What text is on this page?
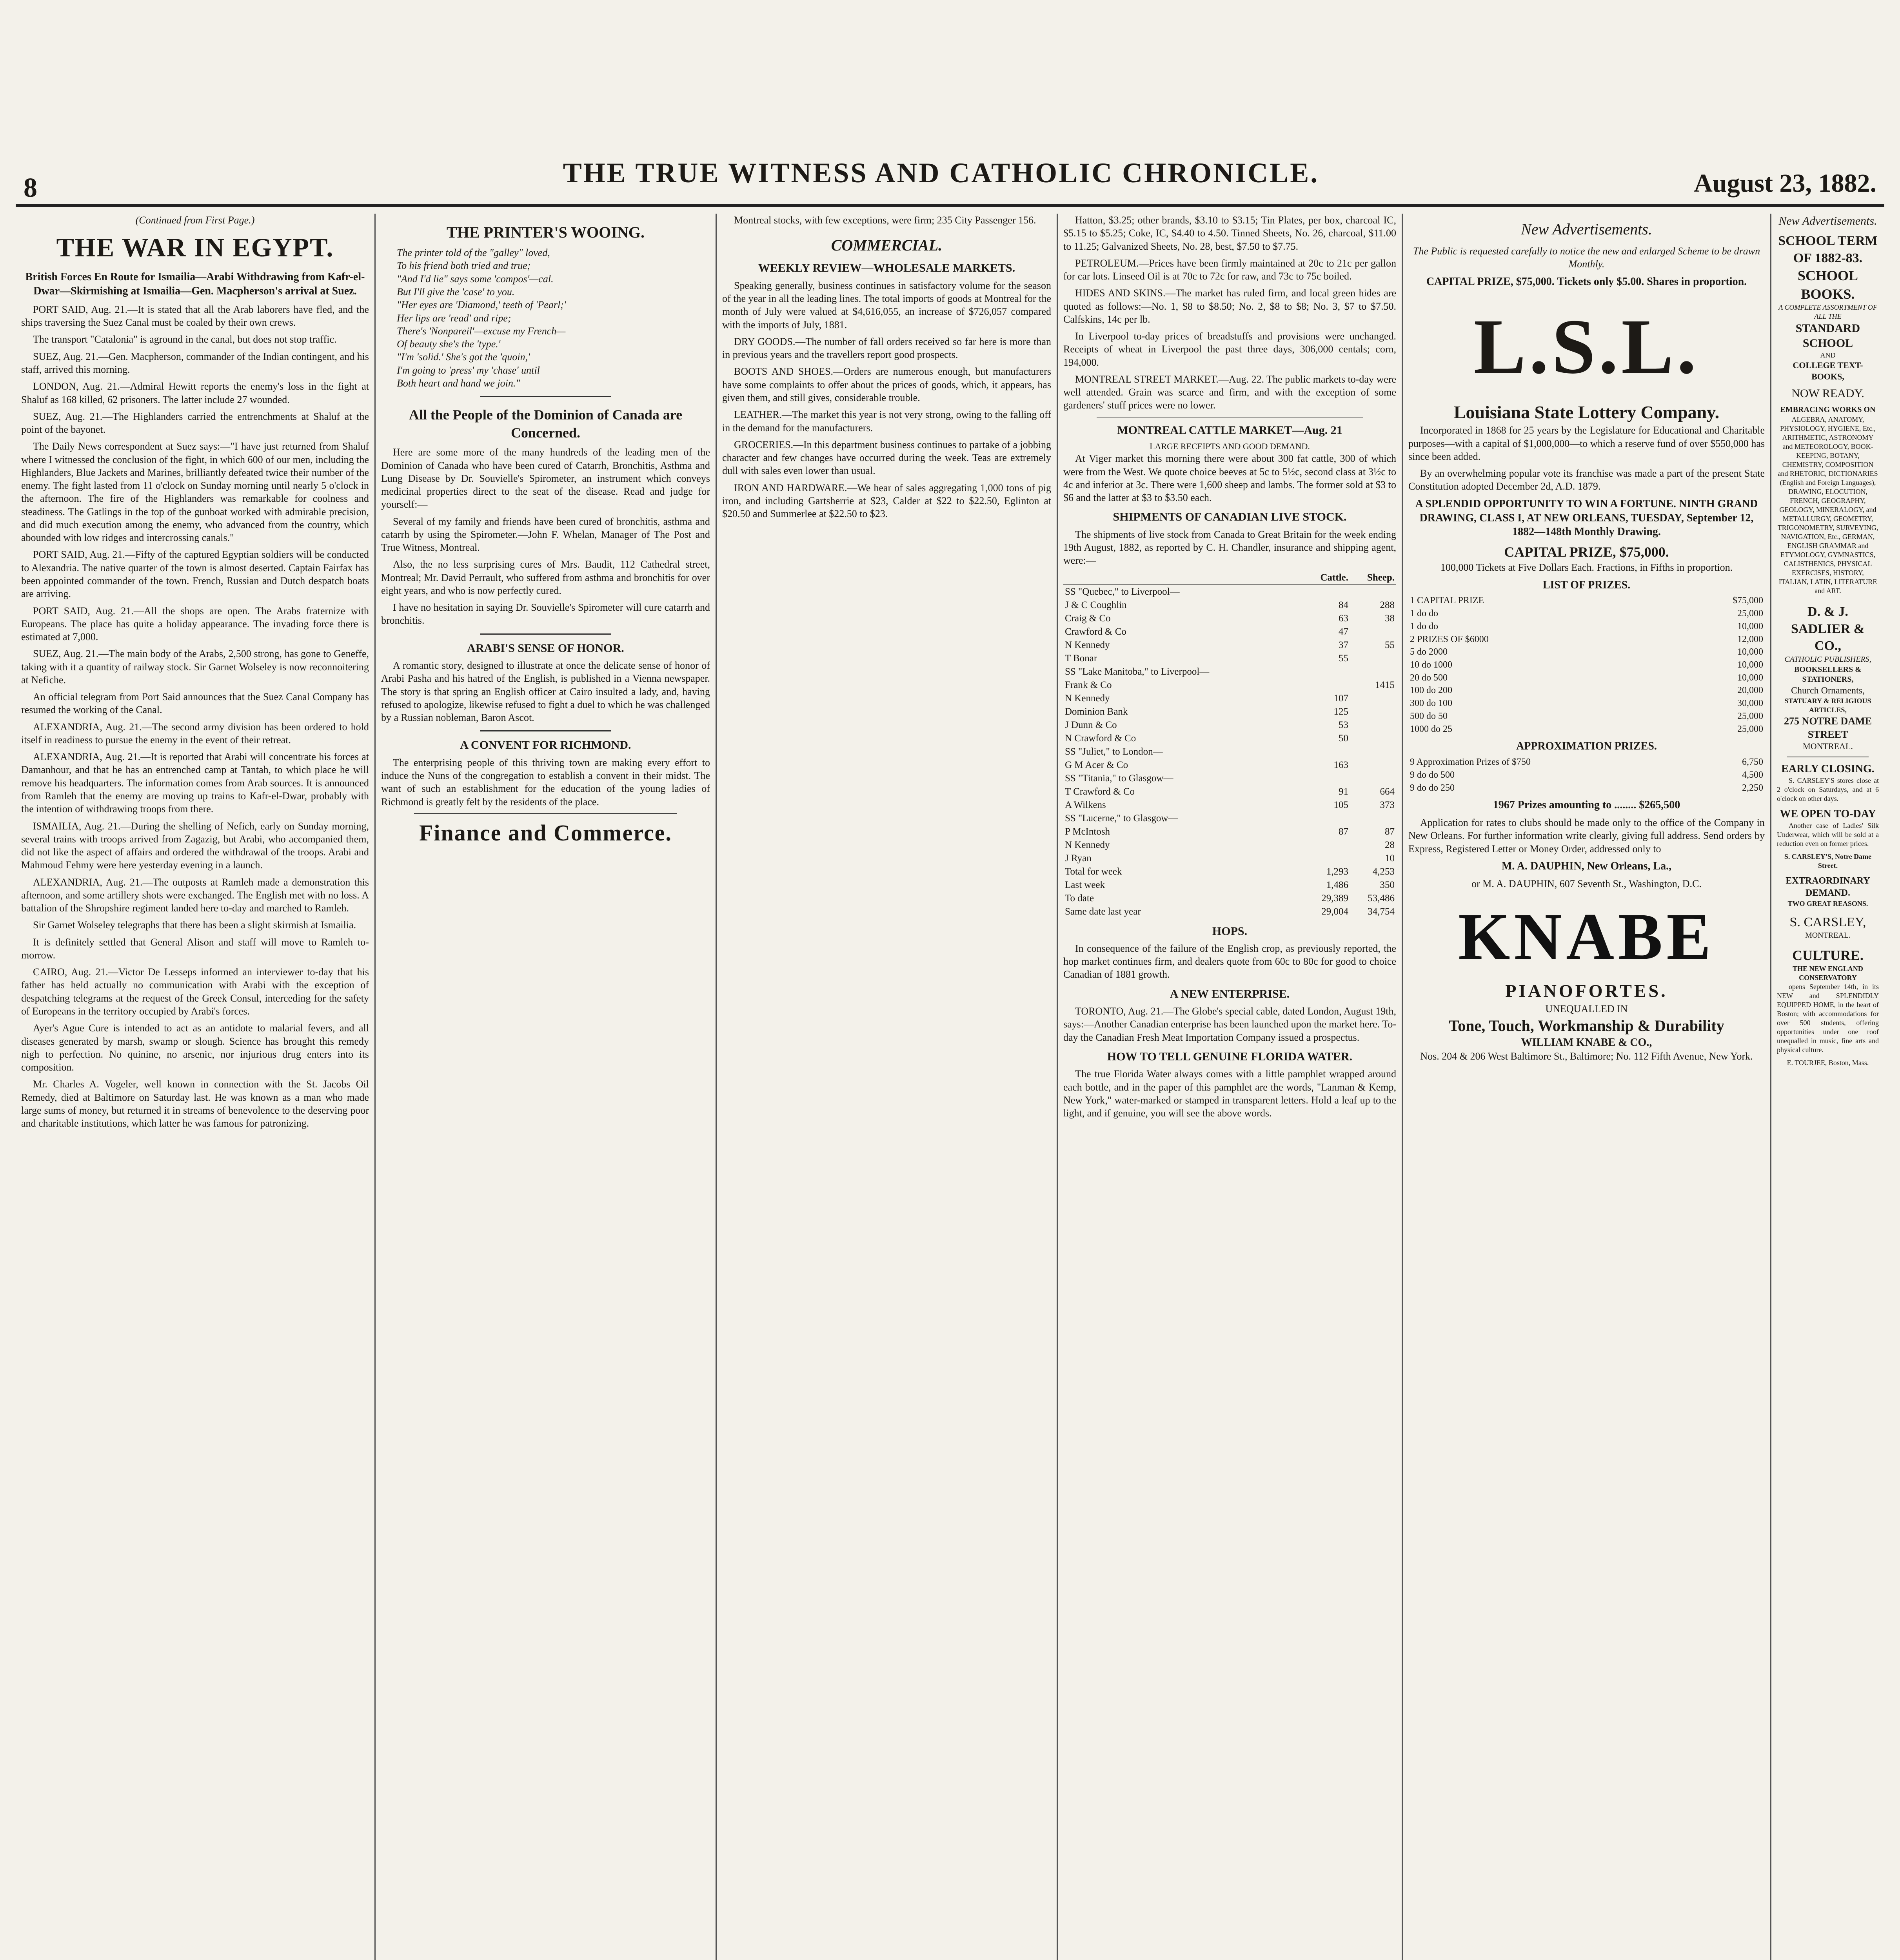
8	THE TRUE WITNESS AND CATHOLIC CHRONICLE.	August 23, 1882.
(Continued from First Page.)
THE WAR IN EGYPT.
British Forces En Route for Ismailia—Arabi Withdrawing from Kafr-el-Dwar—Skirmishing at Ismailia—Gen. Macpherson's arrival at Suez.

PORT SAID, Aug. 21.—It is stated that all the Arab laborers have fled, and the ships traversing the Suez Canal must be coaled by their own crews.

The transport "Catalonia" is aground in the canal, but does not stop traffic.

SUEZ, Aug. 21.—Gen. Macpherson, commander of the Indian contingent, and his staff, arrived this morning.

LONDON, Aug. 21.—Admiral Hewitt reports the enemy's loss in the fight at Shaluf as 168 killed, 62 prisoners. The latter include 27 wounded.

SUEZ, Aug. 21.—The Highlanders carried the entrenchments at Shaluf at the point of the bayonet.

The Daily News correspondent at Suez says:—"I have just returned from Shaluf where I witnessed the conclusion of the fight, in which 600 of our men, including the Highlanders, Blue Jackets and Marines, brilliantly defeated twice their number of the enemy. The fight lasted from 11 o'clock on Sunday morning until nearly 5 o'clock in the afternoon. The fire of the Highlanders was remarkable for coolness and steadiness. The Gatlings in the top of the gunboat worked with admirable precision, and did much execution among the enemy, who advanced from the country, which abounded with low ridges and intercrossing canals."

PORT SAID, Aug. 21.—Fifty of the captured Egyptian soldiers will be conducted to Alexandria. The native quarter of the town is almost deserted. Captain Fairfax has been appointed commander of the town. French, Russian and Dutch despatch boats are arriving.

PORT SAID, Aug. 21.—All the shops are open. The Arabs fraternize with Europeans. The place has quite a holiday appearance. The invading force there is estimated at 7,000.

SUEZ, Aug. 21.—The main body of the Arabs, 2,500 strong, has gone to Geneffe, taking with it a quantity of railway stock. Sir Garnet Wolseley is now reconnoitering at Nefiche.

An official telegram from Port Said announces that the Suez Canal Company has resumed the working of the Canal.

ALEXANDRIA, Aug. 21.—The second army division has been ordered to hold itself in readiness to pursue the enemy in the event of their retreat.

ALEXANDRIA, Aug. 21.—It is reported that Arabi will concentrate his forces at Damanhour, and that he has an entrenched camp at Tantah, to which place he will remove his headquarters. The information comes from Arab sources. It is announced from Ramleh that the enemy are moving up trains to Kafr-el-Dwar, probably with the intention of withdrawing troops from there.

ISMAILIA, Aug. 21.—During the shelling of Nefich, early on Sunday morning, several trains with troops arrived from Zagazig, but Arabi, who accompanied them, did not like the aspect of affairs and ordered the withdrawal of the troops. Arabi and Mahmoud Fehmy were here yesterday evening in a launch.

ALEXANDRIA, Aug. 21.—The outposts at Ramleh made a demonstration this afternoon, and some artillery shots were exchanged. The English met with no loss. A battalion of the Shropshire regiment landed here to-day and marched to Ramleh.

Sir Garnet Wolseley telegraphs that there has been a slight skirmish at Ismailia.

It is definitely settled that General Alison and staff will move to Ramleh to-morrow.

CAIRO, Aug. 21.—Victor De Lesseps informed an interviewer to-day that his father has held actually no communication with Arabi with the exception of despatching telegrams at the request of the Greek Consul, interceding for the safety of Europeans in the territory occupied by Arabi's forces.

Ayer's Ague Cure is intended to act as an antidote to malarial fevers, and all diseases generated by marsh, swamp or slough. Science has brought this remedy nigh to perfection. No quinine, no arsenic, nor injurious drug enters into its composition.

Mr. Charles A. Vogeler, well known in connection with the St. Jacobs Oil Remedy, died at Baltimore on Saturday last. He was known as a man who made large sums of money, but returned it in streams of benevolence to the deserving poor and charitable institutions, which latter he was famous for patronizing.

THE PRINTER'S WOOING.
The printer told of the "galley" loved,
To his friend both tried and true;
"And I'd lie" says some 'compos'—cal.
But I'll give the 'case' to you.
"Her eyes are 'Diamond,' teeth of 'Pearl;'
Her lips are 'read' and ripe;
There's 'Nonpareil'—excuse my French—
Of beauty she's the 'type.'
"I'm 'solid.' She's got the 'quoin,'
I'm going to 'press' my 'chase' until
Both heart and hand we join."
All the People of the Dominion of Canada are Concerned.

Here are some more of the many hundreds of the leading men of the Dominion of Canada who have been cured of Catarrh, Bronchitis, Asthma and Lung Disease by Dr. Souvielle's Spirometer, an instrument which conveys medicinal properties direct to the seat of the disease. Read and judge for yourself:—

Several of my family and friends have been cured of bronchitis, asthma and catarrh by using the Spirometer.—John F. Whelan, Manager of The Post and True Witness, Montreal.

Also, the no less surprising cures of Mrs. Baudit, 112 Cathedral street, Montreal; Mr. David Perrault, who suffered from asthma and bronchitis for over eight years, and who is now perfectly cured.

I have no hesitation in saying Dr. Souvielle's Spirometer will cure catarrh and bronchitis.

ARABI'S SENSE OF HONOR.

A romantic story, designed to illustrate at once the delicate sense of honor of Arabi Pasha and his hatred of the English, is published in a Vienna newspaper. The story is that spring an English officer at Cairo insulted a lady, and, having refused to apologize, likewise refused to fight a duel to which he was challenged by a Russian nobleman, Baron Ascot.

A CONVENT FOR RICHMOND.

The enterprising people of this thriving town are making every effort to induce the Nuns of the congregation to establish a convent in their midst. The want of such an establishment for the education of the young ladies of Richmond is greatly felt by the residents of the place.

Finance and Commerce.

Montreal stocks, with few exceptions, were firm; 235 City Passenger 156.

COMMERCIAL.
WEEKLY REVIEW—WHOLESALE MARKETS.

Speaking generally, business continues in satisfactory volume for the season of the year in all the leading lines. The total imports of goods at Montreal for the month of July were valued at $4,616,055, an increase of $726,057 compared with the imports of July, 1881.

DRY GOODS.—The number of fall orders received so far here is more than in previous years and the travellers report good prospects.

BOOTS AND SHOES.—Orders are numerous enough, but manufacturers have some complaints to offer about the prices of goods, which, it appears, has given them, and still gives, considerable trouble.

LEATHER.—The market this year is not very strong, owing to the falling off in the demand for the manufacturers.

GROCERIES.—In this department business continues to partake of a jobbing character and few changes have occurred during the week. Teas are extremely dull with sales even lower than usual.

IRON AND HARDWARE.—We hear of sales aggregating 1,000 tons of pig iron, and including Gartsherrie at $23, Calder at $22 to $22.50, Eglinton at $20.50 and Summerlee at $22.50 to $23.

Hatton, $3.25; other brands, $3.10 to $3.15; Tin Plates, per box, charcoal IC, $5.15 to $5.25; Coke, IC, $4.40 to 4.50. Tinned Sheets, No. 26, charcoal, $11.00 to 11.25; Galvanized Sheets, No. 28, best, $7.50 to $7.75.

PETROLEUM.—Prices have been firmly maintained at 20c to 21c per gallon for car lots. Linseed Oil is at 70c to 72c for raw, and 73c to 75c boiled.

HIDES AND SKINS.—The market has ruled firm, and local green hides are quoted as follows:—No. 1, $8 to $8.50; No. 2, $8 to $8; No. 3, $7 to $7.50. Calfskins, 14c per lb.

In Liverpool to-day prices of breadstuffs and provisions were unchanged. Receipts of wheat in Liverpool the past three days, 306,000 centals; corn, 194,000.

MONTREAL STREET MARKET.—Aug. 22. The public markets to-day were well attended. Grain was scarce and firm, and with the exception of some gardeners' stuff prices were no lower.

MONTREAL CATTLE MARKET—Aug. 21
LARGE RECEIPTS AND GOOD DEMAND.

At Viger market this morning there were about 300 fat cattle, 300 of which were from the West. We quote choice beeves at 5c to 5½c, second class at 3½c to 4c and inferior at 3c. There were 1,600 sheep and lambs. The former sold at $3 to $6 and the latter at $3 to $3.50 each.

SHIPMENTS OF CANADIAN LIVE STOCK.

The shipments of live stock from Canada to Great Britain for the week ending 19th August, 1882, as reported by C. H. Chandler, insurance and shipping agent, were:—

	Cattle.	Sheep.
SS "Quebec," to Liverpool—		
J & C Coughlin	84	288
Craig & Co	63	38
Crawford & Co	47	
N Kennedy	37	55
T Bonar	55	
SS "Lake Manitoba," to Liverpool—		
Frank & Co		1415
N Kennedy	107	
Dominion Bank	125	
J Dunn & Co	53	
N Crawford & Co	50	
SS "Juliet," to London—		
G M Acer & Co	163	
SS "Titania," to Glasgow—		
T Crawford & Co	91	664
A Wilkens	105	373
SS "Lucerne," to Glasgow—		
P McIntosh	87	87
N Kennedy		28
J Ryan		10
Total for week	1,293	4,253
Last week	1,486	350
To date	29,389	53,486
Same date last year	29,004	34,754
HOPS.

In consequence of the failure of the English crop, as previously reported, the hop market continues firm, and dealers quote from 60c to 80c for good to choice Canadian of 1881 growth.

A NEW ENTERPRISE.

TORONTO, Aug. 21.—The Globe's special cable, dated London, August 19th, says:—Another Canadian enterprise has been launched upon the market here. To-day the Canadian Fresh Meat Importation Company issued a prospectus.

HOW TO TELL GENUINE FLORIDA WATER.

The true Florida Water always comes with a little pamphlet wrapped around each bottle, and in the paper of this pamphlet are the words, "Lanman & Kemp, New York," water-marked or stamped in transparent letters. Hold a leaf up to the light, and if genuine, you will see the above words.

New Advertisements.

The Public is requested carefully to notice the new and enlarged Scheme to be drawn Monthly.

CAPITAL PRIZE, $75,000. Tickets only $5.00. Shares in proportion.

L.S.L.
Louisiana State Lottery Company.

Incorporated in 1868 for 25 years by the Legislature for Educational and Charitable purposes—with a capital of $1,000,000—to which a reserve fund of over $550,000 has since been added.

By an overwhelming popular vote its franchise was made a part of the present State Constitution adopted December 2d, A.D. 1879.

A SPLENDID OPPORTUNITY TO WIN A FORTUNE. NINTH GRAND DRAWING, CLASS I, AT NEW ORLEANS, TUESDAY, September 12, 1882—148th Monthly Drawing.

CAPITAL PRIZE, $75,000.

100,000 Tickets at Five Dollars Each. Fractions, in Fifths in proportion.

LIST OF PRIZES.
1 CAPITAL PRIZE	$75,000
1 do do	25,000
1 do do	10,000
2 PRIZES OF $6000	12,000
5 do 2000	10,000
10 do 1000	10,000
20 do 500	10,000
100 do 200	20,000
300 do 100	30,000
500 do 50	25,000
1000 do 25	25,000
APPROXIMATION PRIZES.
9 Approximation Prizes of $750	6,750
9 do do 500	4,500
9 do do 250	2,250

1967 Prizes amounting to ........ $265,500

Application for rates to clubs should be made only to the office of the Company in New Orleans. For further information write clearly, giving full address. Send orders by Express, Registered Letter or Money Order, addressed only to

M. A. DAUPHIN, New Orleans, La.,

or M. A. DAUPHIN, 607 Seventh St., Washington, D.C.

KNABE
PIANOFORTES.
UNEQUALLED IN
Tone, Touch, Workmanship & Durability
WILLIAM KNABE & CO.,
Nos. 204 & 206 West Baltimore St., Baltimore; No. 112 Fifth Avenue, New York.
New Advertisements.
SCHOOL TERM OF 1882-83.
SCHOOL BOOKS.
A COMPLETE ASSORTMENT OF ALL THE
STANDARD SCHOOL
AND
COLLEGE TEXT-BOOKS,
NOW READY.
EMBRACING WORKS ON

ALGEBRA, ANATOMY, PHYSIOLOGY, HYGIENE, Etc., ARITHMETIC, ASTRONOMY and METEOROLOGY, BOOK-KEEPING, BOTANY, CHEMISTRY, COMPOSITION and RHETORIC, DICTIONARIES (English and Foreign Languages), DRAWING, ELOCUTION, FRENCH, GEOGRAPHY, GEOLOGY, MINERALOGY, and METALLURGY, GEOMETRY, TRIGONOMETRY, SURVEYING, NAVIGATION, Etc., GERMAN, ENGLISH GRAMMAR and ETYMOLOGY, GYMNASTICS, CALISTHENICS, PHYSICAL EXERCISES, HISTORY, ITALIAN, LATIN, LITERATURE and ART.

D. & J. SADLIER & CO.,
CATHOLIC PUBLISHERS,
BOOKSELLERS & STATIONERS,
Church Ornaments,
STATUARY & RELIGIOUS ARTICLES,
275 NOTRE DAME STREET
MONTREAL.
EARLY CLOSING.

S. CARSLEY'S stores close at 2 o'clock on Saturdays, and at 6 o'clock on other days.

WE OPEN TO-DAY

Another case of Ladies' Silk Underwear, which will be sold at a reduction even on former prices.

S. CARSLEY'S, Notre Dame Street.
EXTRAORDINARY DEMAND.
TWO GREAT REASONS.
S. CARSLEY,
MONTREAL.
CULTURE.
THE NEW ENGLAND CONSERVATORY

opens September 14th, in its NEW and SPLENDIDLY EQUIPPED HOME, in the heart of Boston; with accommodations for over 500 students, offering opportunities under one roof unequalled in music, fine arts and physical culture.

E. TOURJEE, Boston, Mass.
